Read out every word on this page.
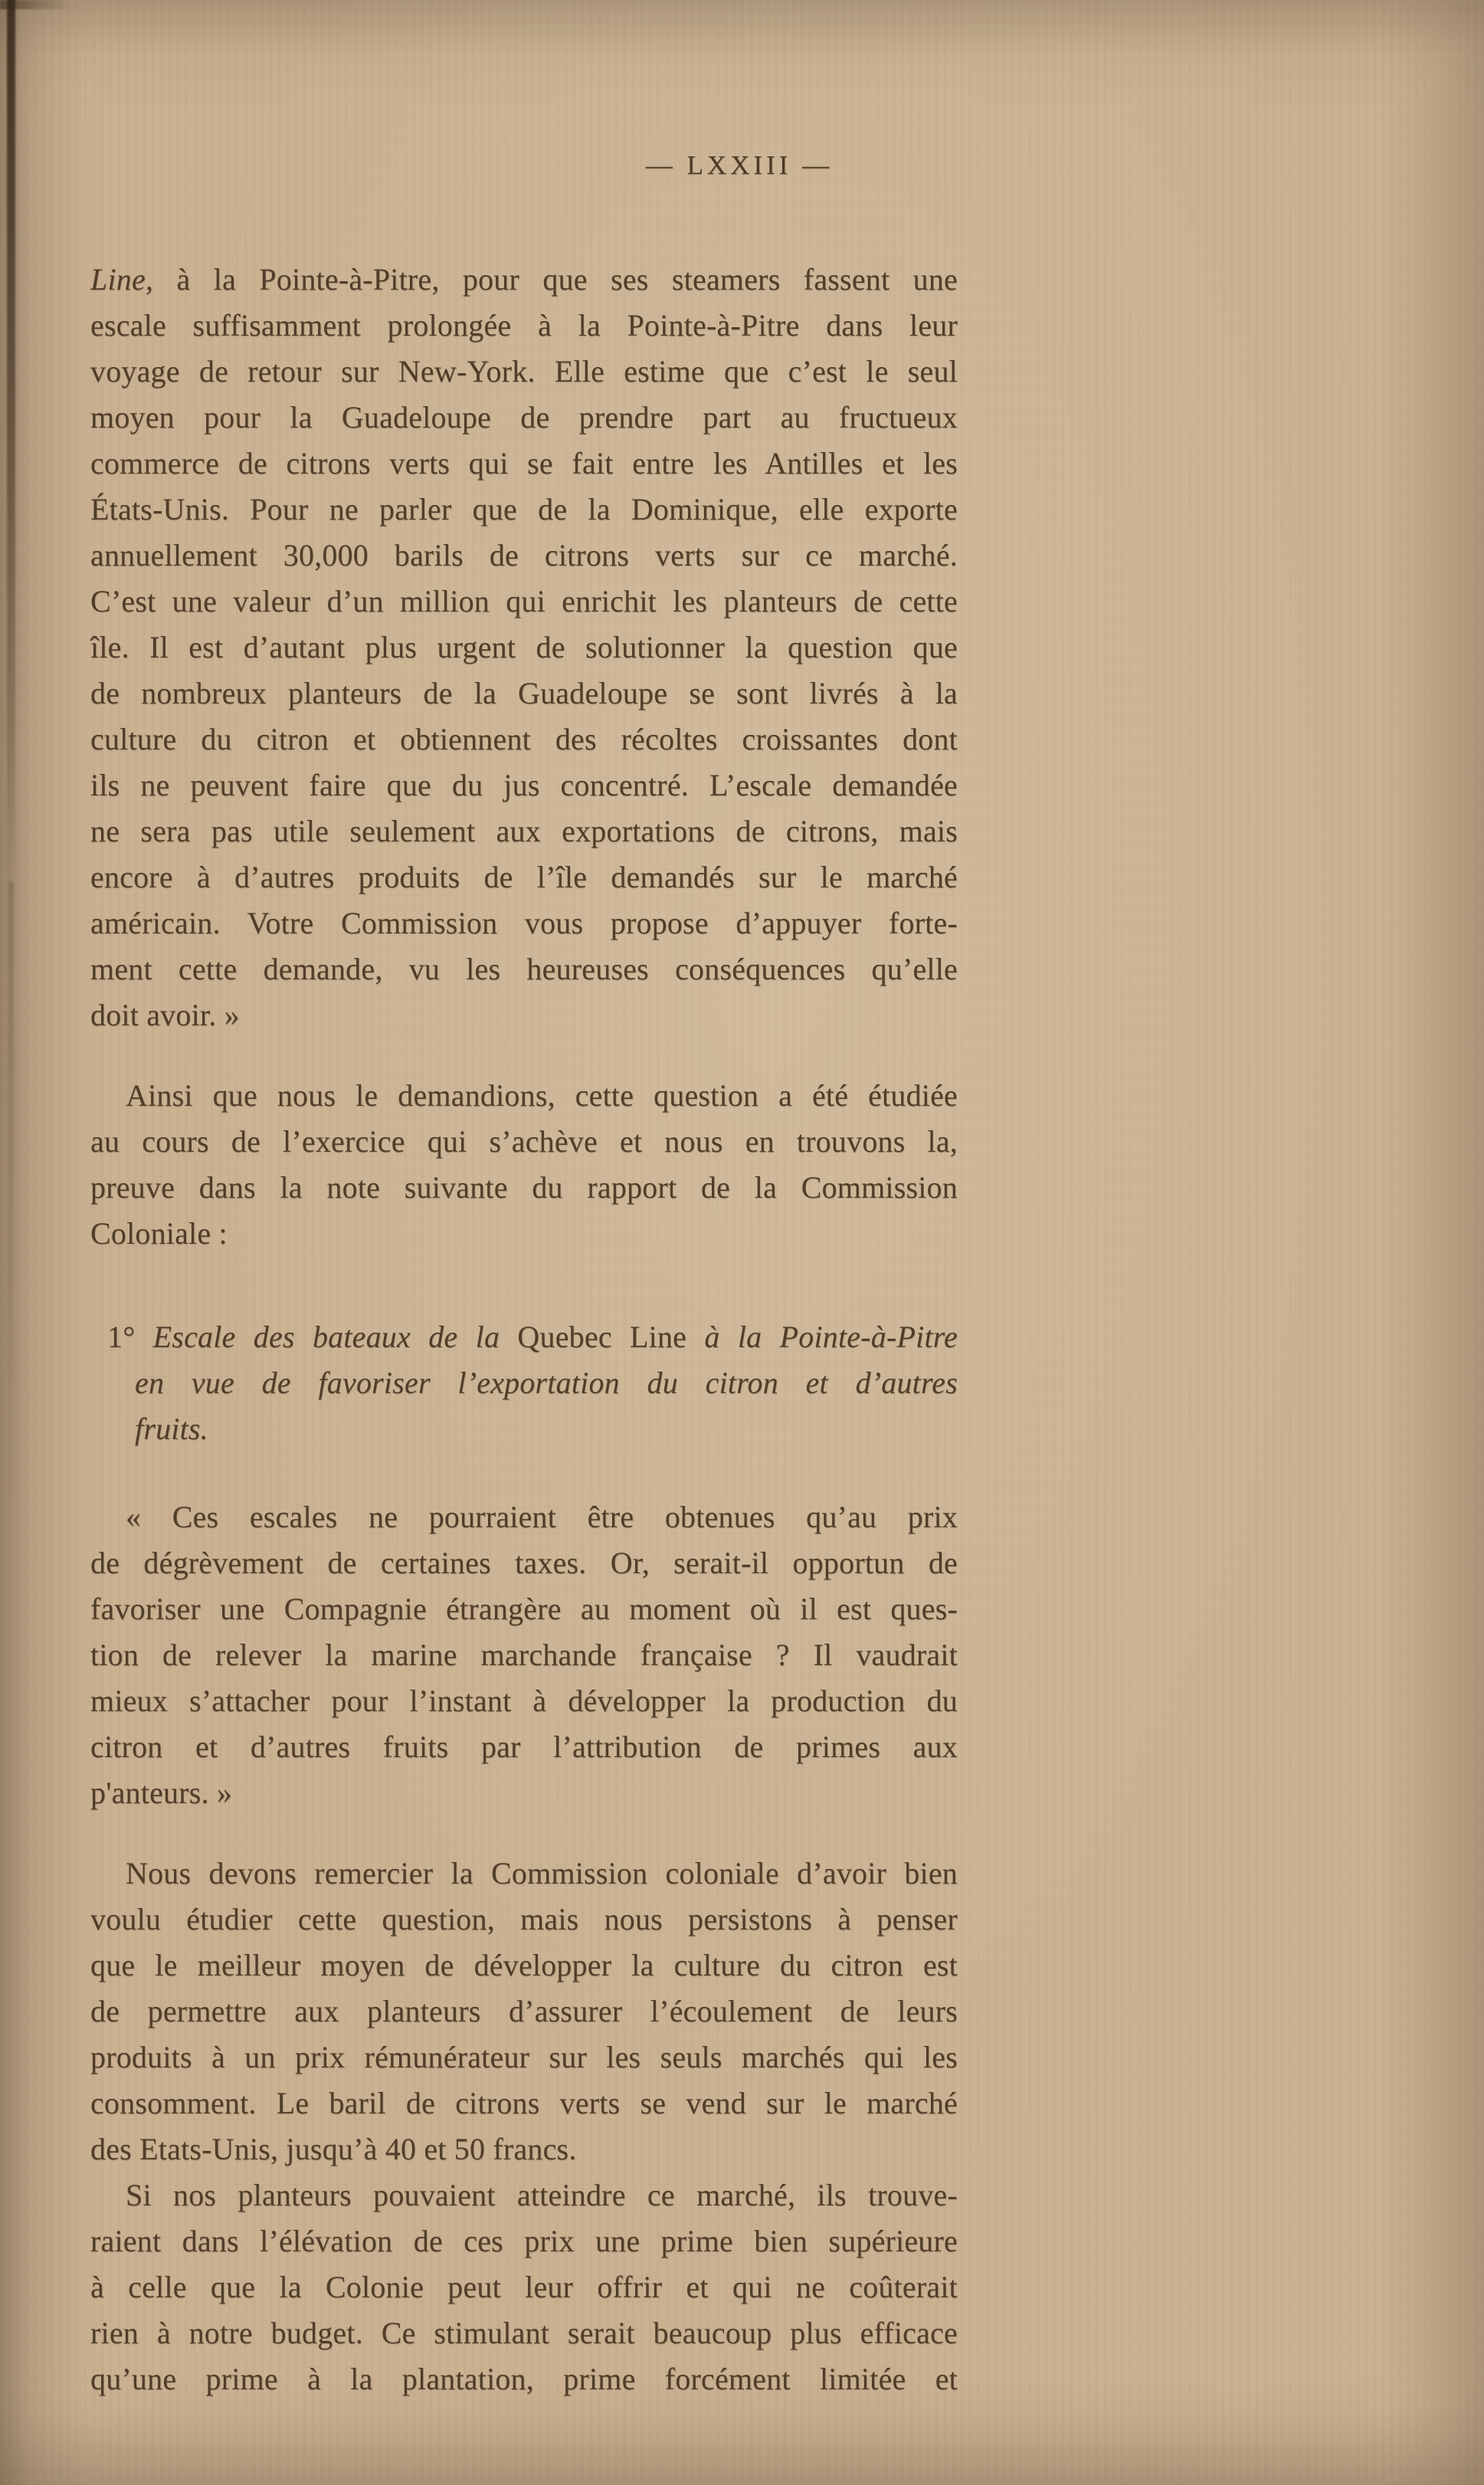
— LXXIII —
Line, à la Pointe-à-Pitre, pour que ses steamers fassent une
escale suffisamment prolongée à la Pointe-à-Pitre dans leur
voyage de retour sur New-York. Elle estime que c’est le seul
moyen pour la Guadeloupe de prendre part au fructueux
commerce de citrons verts qui se fait entre les Antilles et les
États-Unis. Pour ne parler que de la Dominique, elle exporte
annuellement 30,000 barils de citrons verts sur ce marché.
C’est une valeur d’un million qui enrichit les planteurs de cette
île. Il est d’autant plus urgent de solutionner la question que
de nombreux planteurs de la Guadeloupe se sont livrés à la
culture du citron et obtiennent des récoltes croissantes dont
ils ne peuvent faire que du jus concentré. L’escale demandée
ne sera pas utile seulement aux exportations de citrons, mais
encore à d’autres produits de l’île demandés sur le marché
américain. Votre Commission vous propose d’appuyer forte-
ment cette demande, vu les heureuses conséquences qu’elle
doit avoir. »
Ainsi que nous le demandions, cette question a été étudiée
au cours de l’exercice qui s’achève et nous en trouvons la,
preuve dans la note suivante du rapport de la Commission
Coloniale :
1° Escale des bateaux de la Quebec Line à la Pointe-à-Pitre
en vue de favoriser l’exportation du citron et d’autres
fruits.
« Ces escales ne pourraient être obtenues qu’au prix
de dégrèvement de certaines taxes. Or, serait-il opportun de
favoriser une Compagnie étrangère au moment où il est ques-
tion de relever la marine marchande française ? Il vaudrait
mieux s’attacher pour l’instant à développer la production du
citron et d’autres fruits par l’attribution de primes aux
p'anteurs. »
Nous devons remercier la Commission coloniale d’avoir bien
voulu étudier cette question, mais nous persistons à penser
que le meilleur moyen de développer la culture du citron est
de permettre aux planteurs d’assurer l’écoulement de leurs
produits à un prix rémunérateur sur les seuls marchés qui les
consomment. Le baril de citrons verts se vend sur le marché
des Etats-Unis, jusqu’à 40 et 50 francs.
Si nos planteurs pouvaient atteindre ce marché, ils trouve-
raient dans l’élévation de ces prix une prime bien supérieure
à celle que la Colonie peut leur offrir et qui ne coûterait
rien à notre budget. Ce stimulant serait beaucoup plus efficace
qu’une prime à la plantation, prime forcément limitée et
